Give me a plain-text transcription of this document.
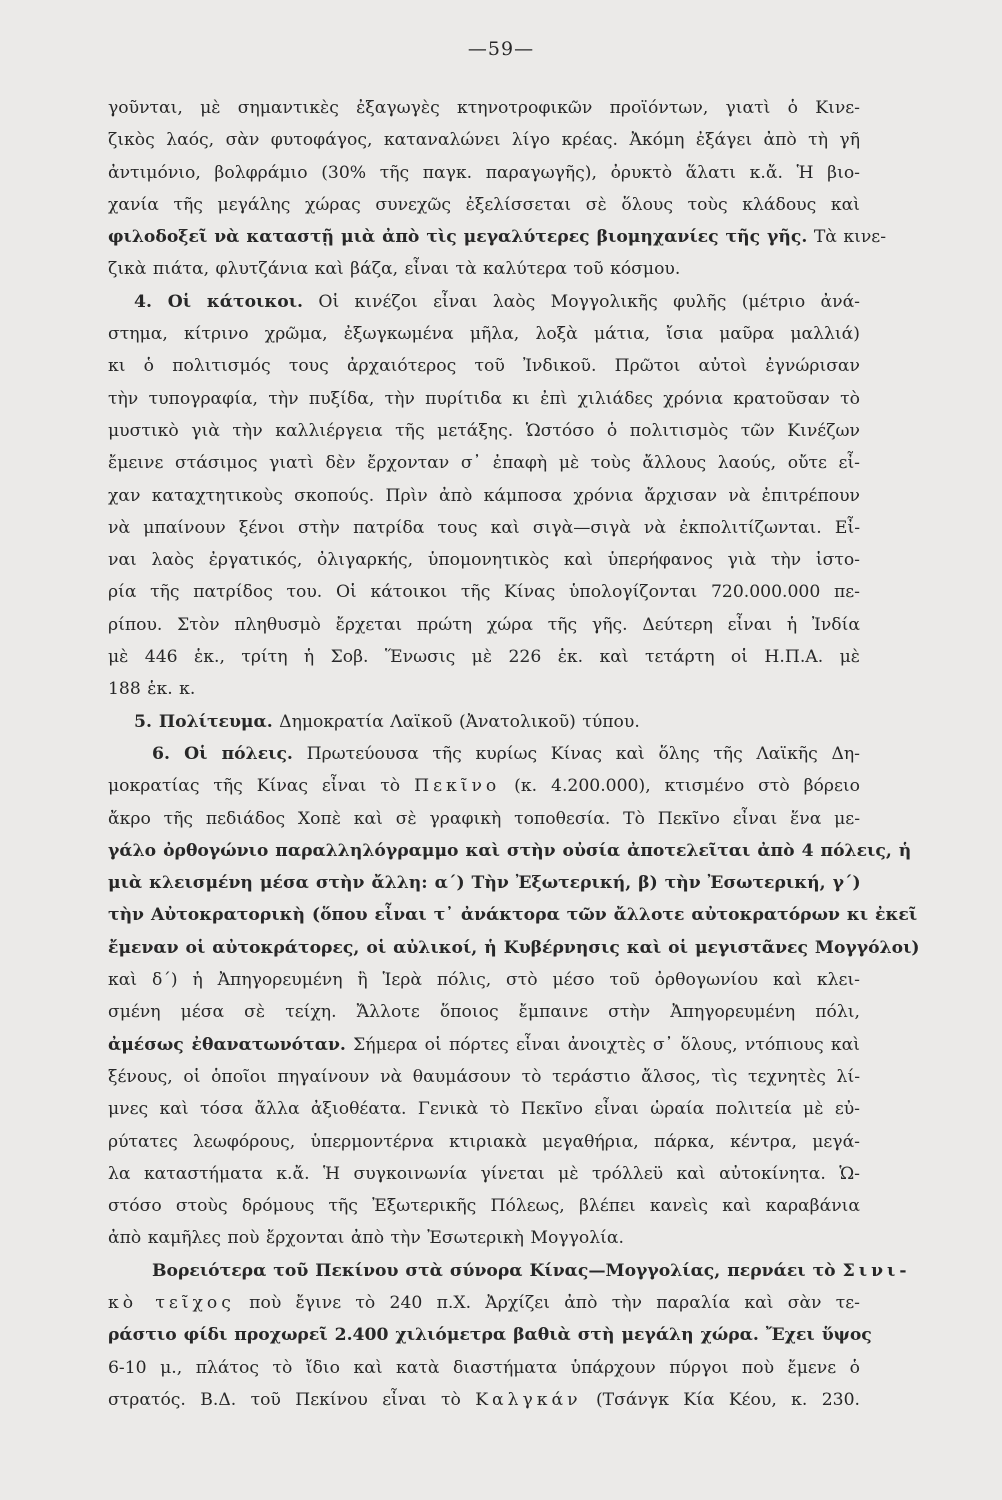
—59—
γοῦνται, μὲ σημαντικὲς ἐξαγωγὲς κτηνοτροφικῶν προϊόντων, γιατὶ ὁ Κινε-
ζικὸς λαός, σὰν φυτοφάγος, καταναλώνει λίγο κρέας. Ἀκόμη ἐξάγει ἀπὸ τὴ γῆ
ἀντιμόνιο, βολφράμιο (30% τῆς παγκ. παραγωγῆς), ὀρυκτὸ ἅλατι κ.ἄ. Ἡ βιο-
χανία τῆς μεγάλης χώρας συνεχῶς ἐξελίσσεται σὲ ὅλους τοὺς κλάδους καὶ
φιλοδοξεῖ νὰ καταστῇ μιὰ ἀπὸ τὶς μεγαλύτερες βιομηχανίες τῆς γῆς. Τὰ κινε-
ζικὰ πιάτα, φλυτζάνια καὶ βάζα, εἶναι τὰ καλύτερα τοῦ κόσμου.
4. Οἱ κάτοικοι. Οἱ κινέζοι εἶναι λαὸς Μογγολικῆς φυλῆς (μέτριο ἀνά-
στημα, κίτρινο χρῶμα, ἐξωγκωμένα μῆλα, λοξὰ μάτια, ἴσια μαῦρα μαλλιά)
κι ὁ πολιτισμός τους ἀρχαιότερος τοῦ Ἰνδικοῦ. Πρῶτοι αὐτοὶ ἐγνώρισαν
τὴν τυπογραφία, τὴν πυξίδα, τὴν πυρίτιδα κι ἐπὶ χιλιάδες χρόνια κρατοῦσαν τὸ
μυστικὸ γιὰ τὴν καλλιέργεια τῆς μετάξης. Ὡστόσο ὁ πολιτισμὸς τῶν Κινέζων
ἔμεινε στάσιμος γιατὶ δὲν ἔρχονταν σ᾿ ἐπαφὴ μὲ τοὺς ἄλλους λαούς, οὔτε εἶ-
χαν καταχτητικοὺς σκοπούς. Πρὶν ἀπὸ κάμποσα χρόνια ἄρχισαν νὰ ἐπιτρέπουν
νὰ μπαίνουν ξένοι στὴν πατρίδα τους καὶ σιγὰ—σιγὰ νὰ ἐκπολιτίζωνται. Εἶ-
ναι λαὸς ἐργατικός, ὀλιγαρκής, ὑπομονητικὸς καὶ ὑπερήφανος γιὰ τὴν ἱστο-
ρία τῆς πατρίδος του. Οἱ κάτοικοι τῆς Κίνας ὑπολογίζονται 720.000.000 πε-
ρίπου. Στὸν πληθυσμὸ ἔρχεται πρώτη χώρα τῆς γῆς. Δεύτερη εἶναι ἡ Ἰνδία
μὲ 446 ἑκ., τρίτη ἡ Σοβ. Ἕνωσις μὲ 226 ἑκ. καὶ τετάρτη οἱ Η.Π.Α. μὲ
188 ἑκ. κ.
5. Πολίτευμα. Δημοκρατία Λαϊκοῦ (Ἀνατολικοῦ) τύπου.
6. Οἱ πόλεις. Πρωτεύουσα τῆς κυρίως Κίνας καὶ ὅλης τῆς Λαϊκῆς Δη-
μοκρατίας τῆς Κίνας εἶναι τὸ Πεκῖνο (κ. 4.200.000), κτισμένο στὸ βόρειο
ἄκρο τῆς πεδιάδος Χοπὲ καὶ σὲ γραφικὴ τοποθεσία. Τὸ Πεκῖνο εἶναι ἕνα με-
γάλο ὀρθογώνιο παραλληλόγραμμο καὶ στὴν οὐσία ἀποτελεῖται ἀπὸ 4 πόλεις, ἡ
μιὰ κλεισμένη μέσα στὴν ἄλλη: α΄) Τὴν Ἐξωτερική, β) τὴν Ἐσωτερική, γ΄)
τὴν Αὐτοκρατορικὴ (ὅπου εἶναι τ᾿ ἀνάκτορα τῶν ἄλλοτε αὐτοκρατόρων κι ἐκεῖ
ἔμεναν οἱ αὐτοκράτορες, οἱ αὐλικοί, ἡ Κυβέρνησις καὶ οἱ μεγιστᾶνες Μογγόλοι)
καὶ δ΄) ἡ Ἀπηγορευμένη ἢ Ἱερὰ πόλις, στὸ μέσο τοῦ ὀρθογωνίου καὶ κλει-
σμένη μέσα σὲ τείχη. Ἄλλοτε ὅποιος ἔμπαινε στὴν Ἀπηγορευμένη πόλι,
ἀμέσως ἐθανατωνόταν. Σήμερα οἱ πόρτες εἶναι ἀνοιχτὲς σ᾿ ὅλους, ντόπιους καὶ
ξένους, οἱ ὁποῖοι πηγαίνουν νὰ θαυμάσουν τὸ τεράστιο ἄλσος, τὶς τεχνητὲς λί-
μνες καὶ τόσα ἄλλα ἀξιοθέατα. Γενικὰ τὸ Πεκῖνο εἶναι ὡραία πολιτεία μὲ εὐ-
ρύτατες λεωφόρους, ὑπερμοντέρνα κτιριακὰ μεγαθήρια, πάρκα, κέντρα, μεγά-
λα καταστήματα κ.ἄ. Ἡ συγκοινωνία γίνεται μὲ τρόλλεϋ καὶ αὐτοκίνητα. Ὡ-
στόσο στοὺς δρόμους τῆς Ἐξωτερικῆς Πόλεως, βλέπει κανεὶς καὶ καραβάνια
ἀπὸ καμῆλες ποὺ ἔρχονται ἀπὸ τὴν Ἐσωτερικὴ Μογγολία.
Βορειότερα τοῦ Πεκίνου στὰ σύνορα Κίνας—Μογγολίας, περνάει τὸ Σινι-
κὸ τεῖχος ποὺ ἔγινε τὸ 240 π.Χ. Ἀρχίζει ἀπὸ τὴν παραλία καὶ σὰν τε-
ράστιο φίδι προχωρεῖ 2.400 χιλιόμετρα βαθιὰ στὴ μεγάλη χώρα. Ἔχει ὕψος
6-10 μ., πλάτος τὸ ἴδιο καὶ κατὰ διαστήματα ὑπάρχουν πύργοι ποὺ ἔμενε ὁ
στρατός. Β.Δ. τοῦ Πεκίνου εἶναι τὸ Καλγκάν (Τσάνγκ Κία Κέου, κ. 230.
